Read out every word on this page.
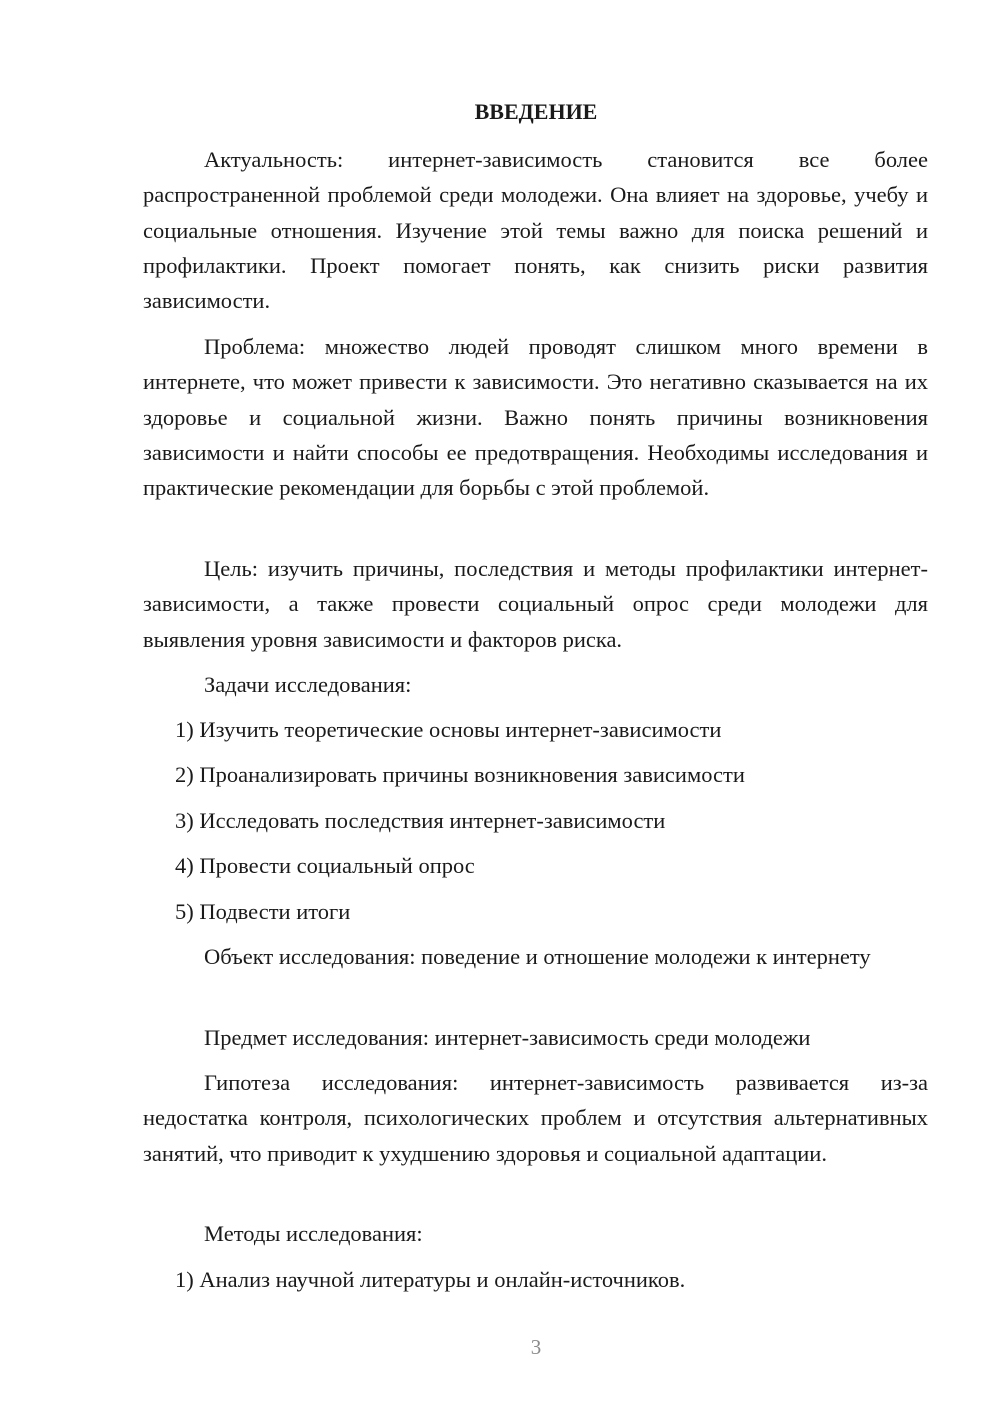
ВВЕДЕНИЕ
Актуальность: интернет-зависимость становится все более распространенной проблемой среди молодежи. Она влияет на здоровье, учебу и социальные отношения. Изучение этой темы важно для поиска решений и профилактики. Проект помогает понять, как снизить риски развития зависимости.
Проблема: множество людей проводят слишком много времени в интернете, что может привести к зависимости. Это негативно сказывается на их здоровье и социальной жизни. Важно понять причины возникновения зависимости и найти способы ее предотвращения. Необходимы исследования и практические рекомендации для борьбы с этой проблемой.
Цель: изучить причины, последствия и методы профилактики интернет-зависимости, а также провести социальный опрос среди молодежи для выявления уровня зависимости и факторов риска.
Задачи исследования:
1) Изучить теоретические основы интернет-зависимости
2) Проанализировать причины возникновения зависимости
3) Исследовать последствия интернет-зависимости
4) Провести социальный опрос
5) Подвести итоги
Объект исследования: поведение и отношение молодежи к интернету
Предмет исследования: интернет-зависимость среди молодежи
Гипотеза исследования: интернет-зависимость развивается из-за недостатка контроля, психологических проблем и отсутствия альтернативных занятий, что приводит к ухудшению здоровья и социальной адаптации.
Методы исследования:
1) Анализ научной литературы и онлайн-источников.
3
